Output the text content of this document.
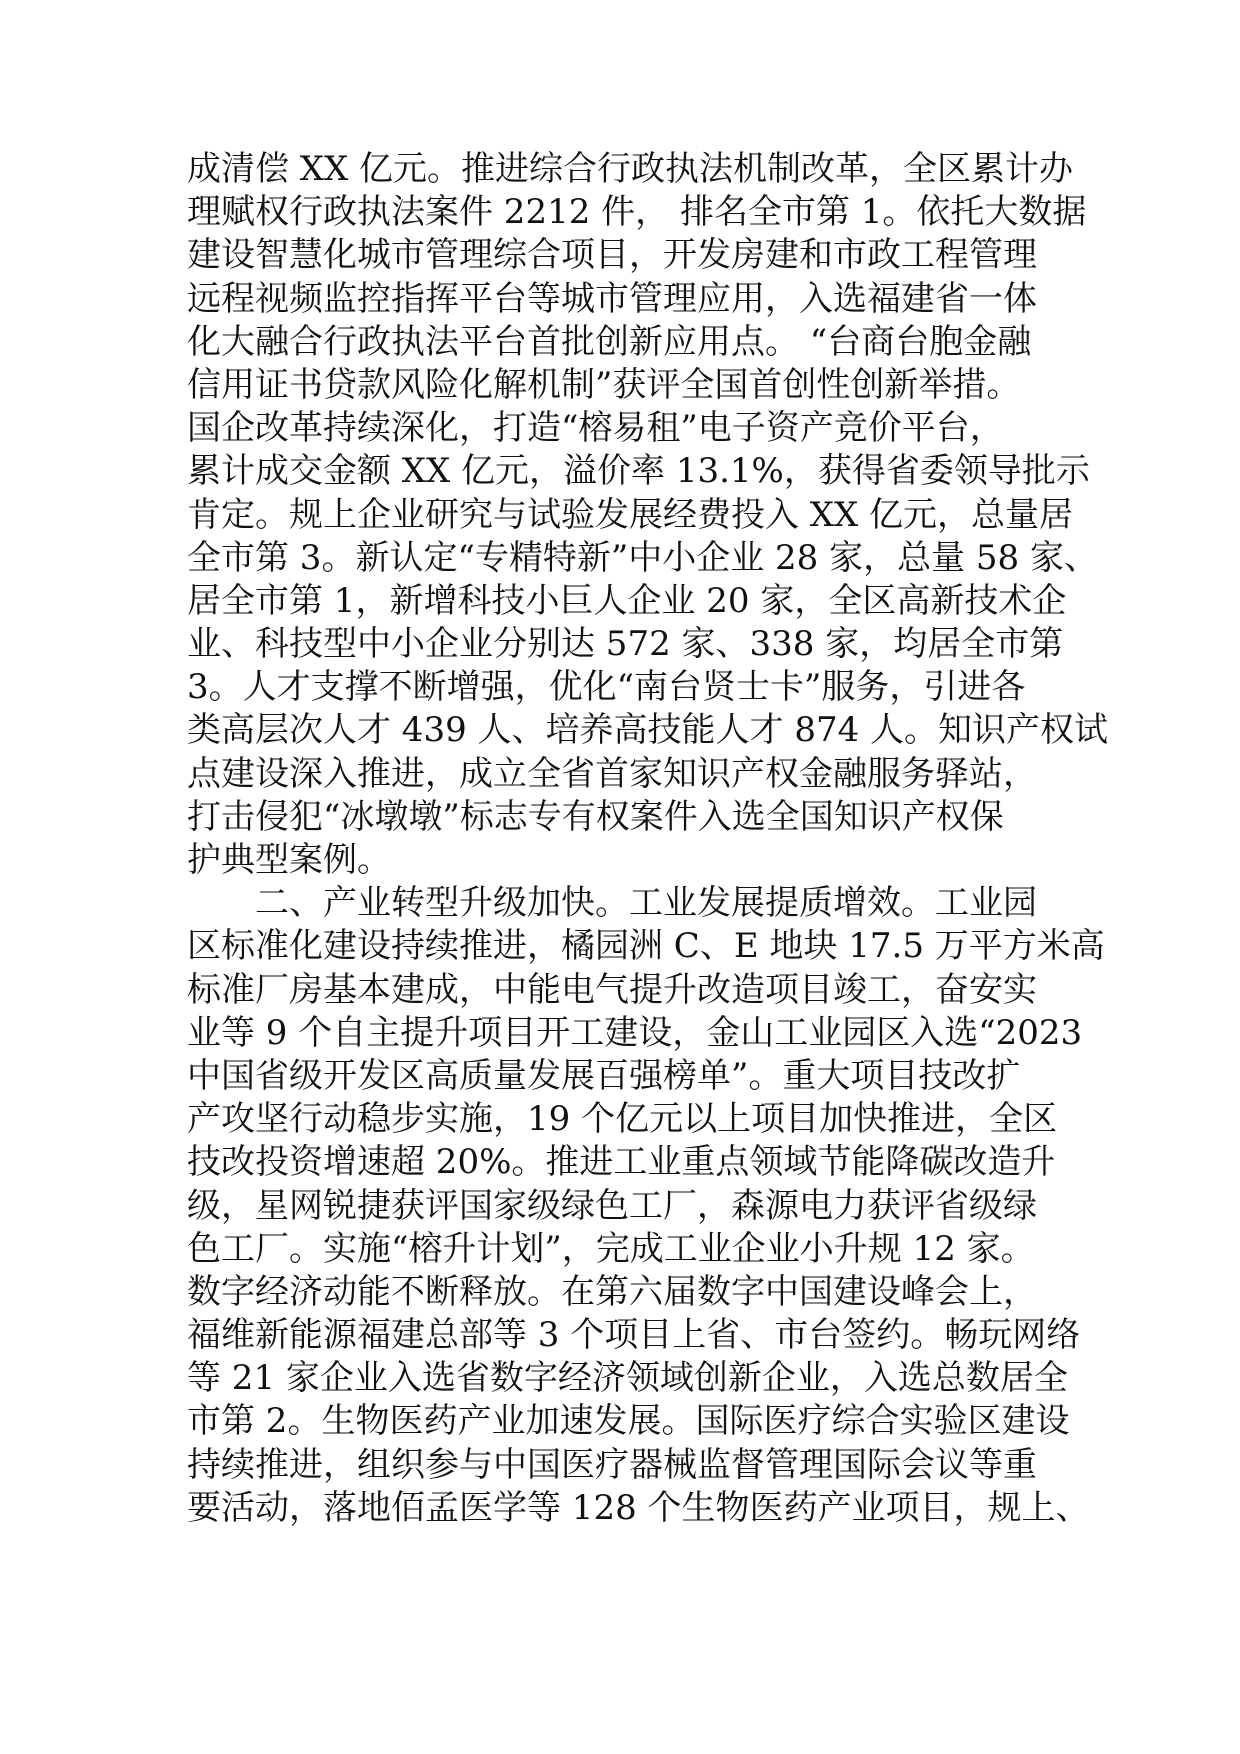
成清偿 XX 亿元。推进综合行政执法机制改革，全区累计办
理赋权行政执法案件 2212 件， 排名全市第 1。依托大数据
建设智慧化城市管理综合项目，开发房建和市政工程管理
远程视频监控指挥平台等城市管理应用，入选福建省一体
化大融合行政执法平台首批创新应用点。 “台商台胞金融
信用证书贷款风险化解机制”获评全国首创性创新举措。
国企改革持续深化，打造“榕易租”电子资产竞价平台，
累计成交金额 XX 亿元，溢价率 13.1%，获得省委领导批示
肯定。规上企业研究与试验发展经费投入 XX 亿元，总量居
全市第 3。新认定“专精特新”中小企业 28 家，总量 58 家、
居全市第 1，新增科技小巨人企业 20 家，全区高新技术企
业、科技型中小企业分别达 572 家、338 家，均居全市第
3。人才支撑不断增强，优化“南台贤士卡”服务，引进各
类高层次人才 439 人、培养高技能人才 874 人。知识产权试
点建设深入推进，成立全省首家知识产权金融服务驿站，
打击侵犯“冰墩墩”标志专有权案件入选全国知识产权保
护典型案例。
二、产业转型升级加快。工业发展提质增效。工业园
区标准化建设持续推进，橘园洲 C、E 地块 17.5 万平方米高
标准厂房基本建成，中能电气提升改造项目竣工，奋安实
业等 9 个自主提升项目开工建设，金山工业园区入选“2023
中国省级开发区高质量发展百强榜单”。重大项目技改扩
产攻坚行动稳步实施，19 个亿元以上项目加快推进，全区
技改投资增速超 20%。推进工业重点领域节能降碳改造升
级，星网锐捷获评国家级绿色工厂，森源电力获评省级绿
色工厂。实施“榕升计划”，完成工业企业小升规 12 家。
数字经济动能不断释放。在第六届数字中国建设峰会上，
福维新能源福建总部等 3 个项目上省、市台签约。畅玩网络
等 21 家企业入选省数字经济领域创新企业，入选总数居全
市第 2。生物医药产业加速发展。国际医疗综合实验区建设
持续推进，组织参与中国医疗器械监督管理国际会议等重
要活动，落地佰孟医学等 128 个生物医药产业项目，规上、
